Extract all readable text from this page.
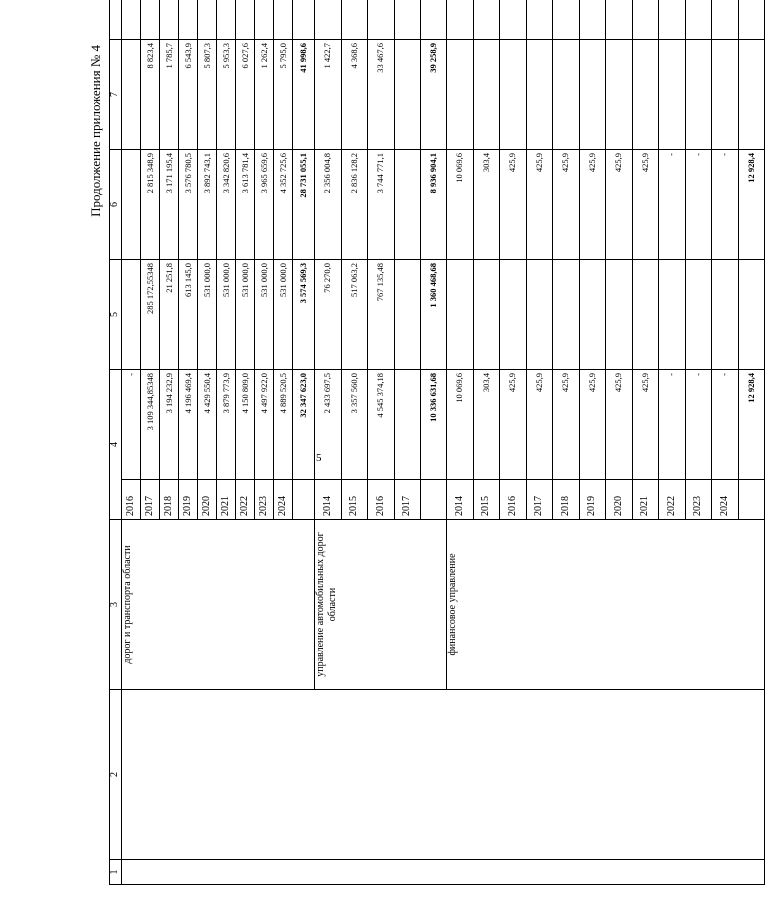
5
Продолжение приложения № 4
1	2	3	4		5	6	7	
		дорог и транспорта области	2016	-				
			2017	3 109 344,85348	285 172,55348	2 815 348,9	8 823,4	
			2018	3 194 232,9	21 251,8	3 171 195,4	1 785,7	
			2019	4 196 469,4	613 145,0	3 576 780,5	6 543,9	
			2020	4 429 550,4	531 000,0	3 892 743,1	5 807,3	
			2021	3 879 773,9	531 000,0	3 342 820,6	5 953,3	
			2022	4 150 809,0	531 000,0	3 613 781,4	6 027,6	
			2023	4 497 922,0	531 000,0	3 965 659,6	1 262,4	
			2024	4 889 520,5	531 000,0	4 352 725,6	5 795,0	
				32 347 623,0	3 574 569,3	28 731 055,1	41 998,6	
		управление автомобильных дорог области	2014	2 433 697,5	76 270,0	2 356 004,8	1 422,7	
			2015	3 357 560,0	517 063,2	2 836 128,2	4 368,6	
			2016	4 545 374,18	767 135,48	3 744 771,1	33 467,6	
			2017					
				10 336 631,68	1 360 468,68	8 936 904,1	39 258,9	
		финансовое управление	2014	10 069,6		10 069,6		
			2015	303,4		303,4		
			2016	425,9		425,9		
			2017	425,9		425,9		
			2018	425,9		425,9		
			2019	425,9		425,9		
			2020	425,9		425,9		
			2021	425,9		425,9		
			2022	-		-		
			2023	-		-		
			2024	-		-		
				12 928,4		12 928,4		
